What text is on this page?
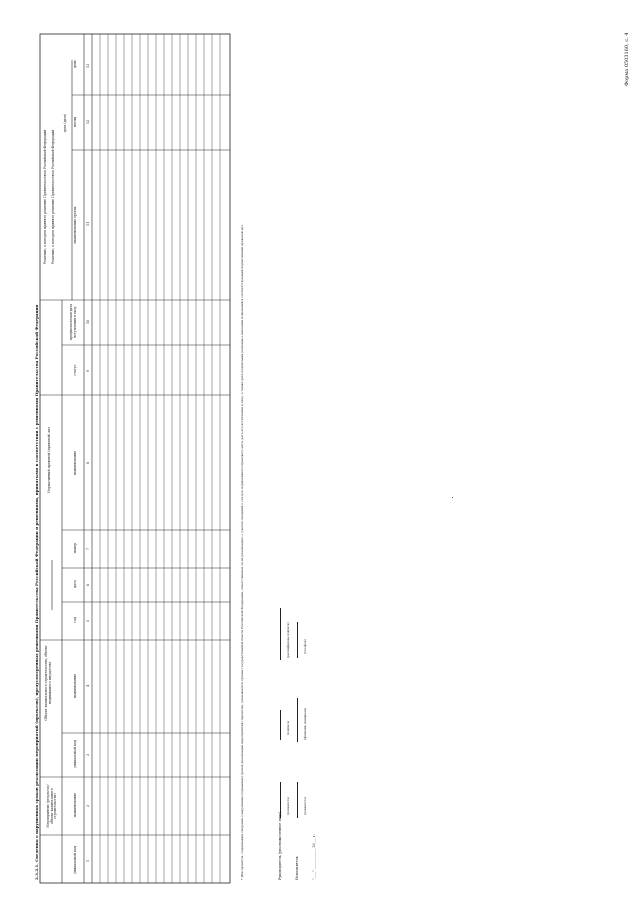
Форма 0503160, с. 4
2.3.2.1. Сведения о нарушениях сроков реализации мероприятий (проектов), предусмотренных решениями Правительства Российской Федерации и решениями, принятыми в соответствии с решениями Правительства Российской Федерации Мероприятие (результат/объект капитального строительства)
Объект капитального строительства, объект недвижимого имущества
Нормативный правовой (правовой) акт
Решение, о котором принято решение Правительством Российской Федерации Решение, о котором принято решение Правительством Российской Федерации
срок (дата)
уникальный код
наименование
уникальный код
наименование
год
дата
номер
наименование
статус
предполагаемая дата вступления в силу
наименование органа
месяц
день
1
2
3
4
5
6
7
8
9
10
11
12
13
* Для проектов, содержащих сведения о нарушении (сорванных) сроков реализации мероприятий (проектов), указываются органы государственной власти Российской Федерации, ответственные за их реализацию, с учетом сведений о статусе нормативного правового акта, дата его вступления в силу, а также дата подписания решения о внесении изменений в соответствующий нормативный правовой акт.	Руководитель (уполномоченное лицо)
(должность)
(подпись)
(расшифровка подписи)
Исполнитель
(должность)
(фамилия, инициалы)
(телефон)
"____" ____________ 20___ г.
